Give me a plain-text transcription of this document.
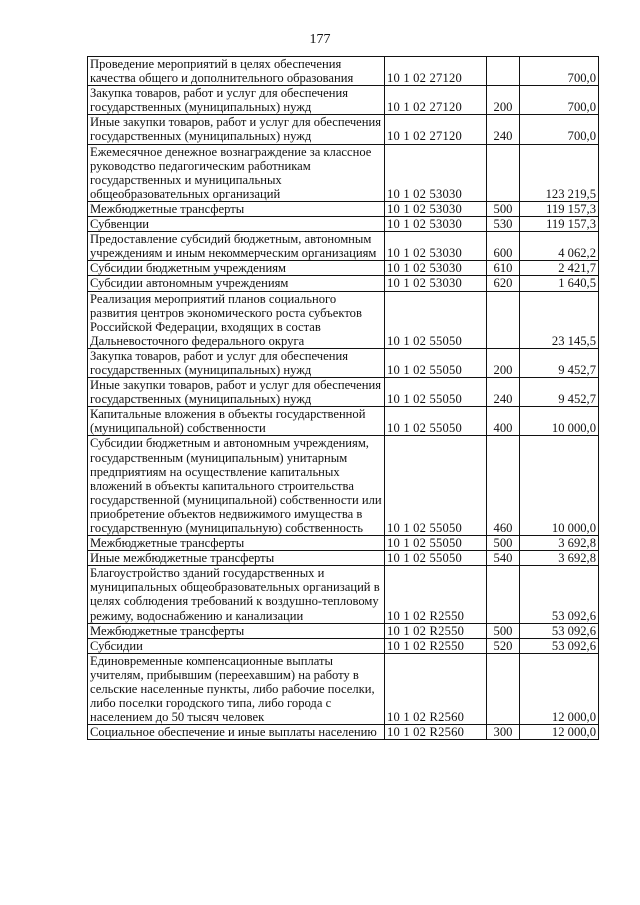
177
Проведение мероприятий в целях обеспечения качества общего и дополнительного образования	10 1 02 27120		700,0
Закупка товаров, работ и услуг для обеспечения государственных (муниципальных) нужд	10 1 02 27120	200	700,0
Иные закупки товаров, работ и услуг для обеспечения государственных (муниципальных) нужд	10 1 02 27120	240	700,0
Ежемесячное денежное вознаграждение за классное руководство педагогическим работникам государственных и муниципальных общеобразовательных организаций	10 1 02 53030		123 219,5
Межбюджетные трансферты	10 1 02 53030	500	119 157,3
Субвенции	10 1 02 53030	530	119 157,3
Предоставление субсидий бюджетным, автономным учреждениям и иным некоммерческим организациям	10 1 02 53030	600	4 062,2
Субсидии бюджетным учреждениям	10 1 02 53030	610	2 421,7
Субсидии автономным учреждениям	10 1 02 53030	620	1 640,5
Реализация мероприятий планов социального развития центров экономического роста субъектов Российской Федерации, входящих в состав Дальневосточного федерального округа	10 1 02 55050		23 145,5
Закупка товаров, работ и услуг для обеспечения государственных (муниципальных) нужд	10 1 02 55050	200	9 452,7
Иные закупки товаров, работ и услуг для обеспечения государственных (муниципальных) нужд	10 1 02 55050	240	9 452,7
Капитальные вложения в объекты государственной (муниципальной) собственности	10 1 02 55050	400	10 000,0
Субсидии бюджетным и автономным учреждениям, государственным (муниципальным) унитарным предприятиям на осуществление капитальных вложений в объекты капитального строительства государственной (муниципальной) собственности или приобретение объектов недвижимого имущества в государственную (муниципальную) собственность	10 1 02 55050	460	10 000,0
Межбюджетные трансферты	10 1 02 55050	500	3 692,8
Иные межбюджетные трансферты	10 1 02 55050	540	3 692,8
Благоустройство зданий государственных и муниципальных общеобразовательных организаций в целях соблюдения требований к воздушно-тепловому режиму, водоснабжению и канализации	10 1 02 R2550		53 092,6
Межбюджетные трансферты	10 1 02 R2550	500	53 092,6
Субсидии	10 1 02 R2550	520	53 092,6
Единовременные компенсационные выплаты учителям, прибывшим (переехавшим) на работу в сельские населенные пункты, либо рабочие поселки, либо поселки городского типа, либо города с населением до 50 тысяч человек	10 1 02 R2560		12 000,0
Социальное обеспечение и иные выплаты населению	10 1 02 R2560	300	12 000,0
